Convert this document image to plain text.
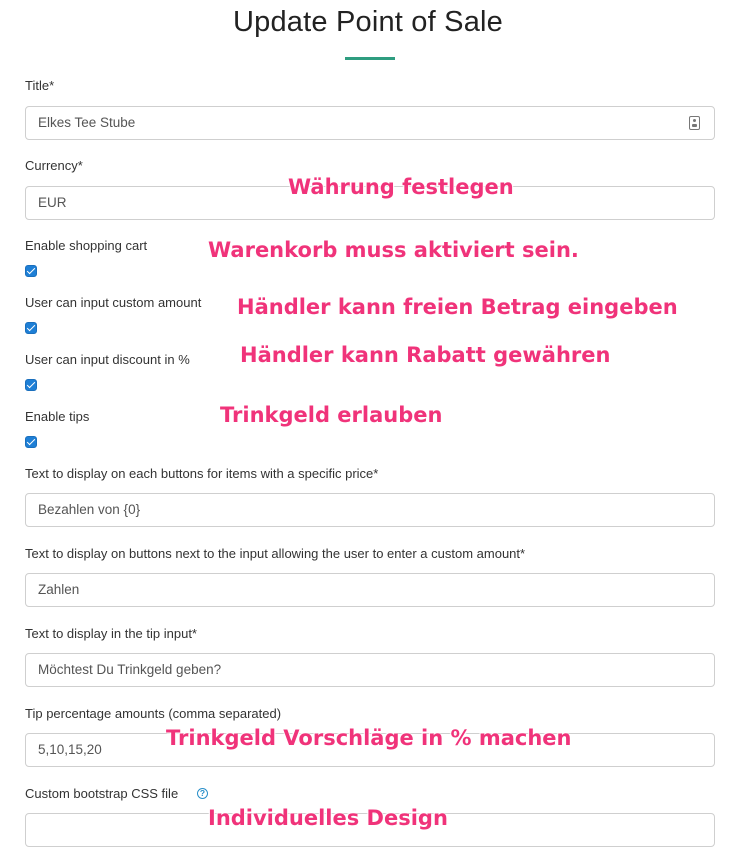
Update Point of Sale
Title*
Elkes Tee Stube
Currency*
EUR
Enable shopping cart
User can input custom amount
User can input discount in %
Enable tips
Text to display on each buttons for items with a specific price*
Bezahlen von {0}
Text to display on buttons next to the input allowing the user to enter a custom amount*
Zahlen
Text to display in the tip input*
Möchtest Du Trinkgeld geben?
Tip percentage amounts (comma separated)
5,10,15,20
Custom bootstrap CSS file	?
Währung festlegen
Warenkorb muss aktiviert sein.
Händler kann freien Betrag eingeben
Händler kann Rabatt gewähren
Trinkgeld erlauben
Trinkgeld Vorschläge in % machen
Individuelles Design
